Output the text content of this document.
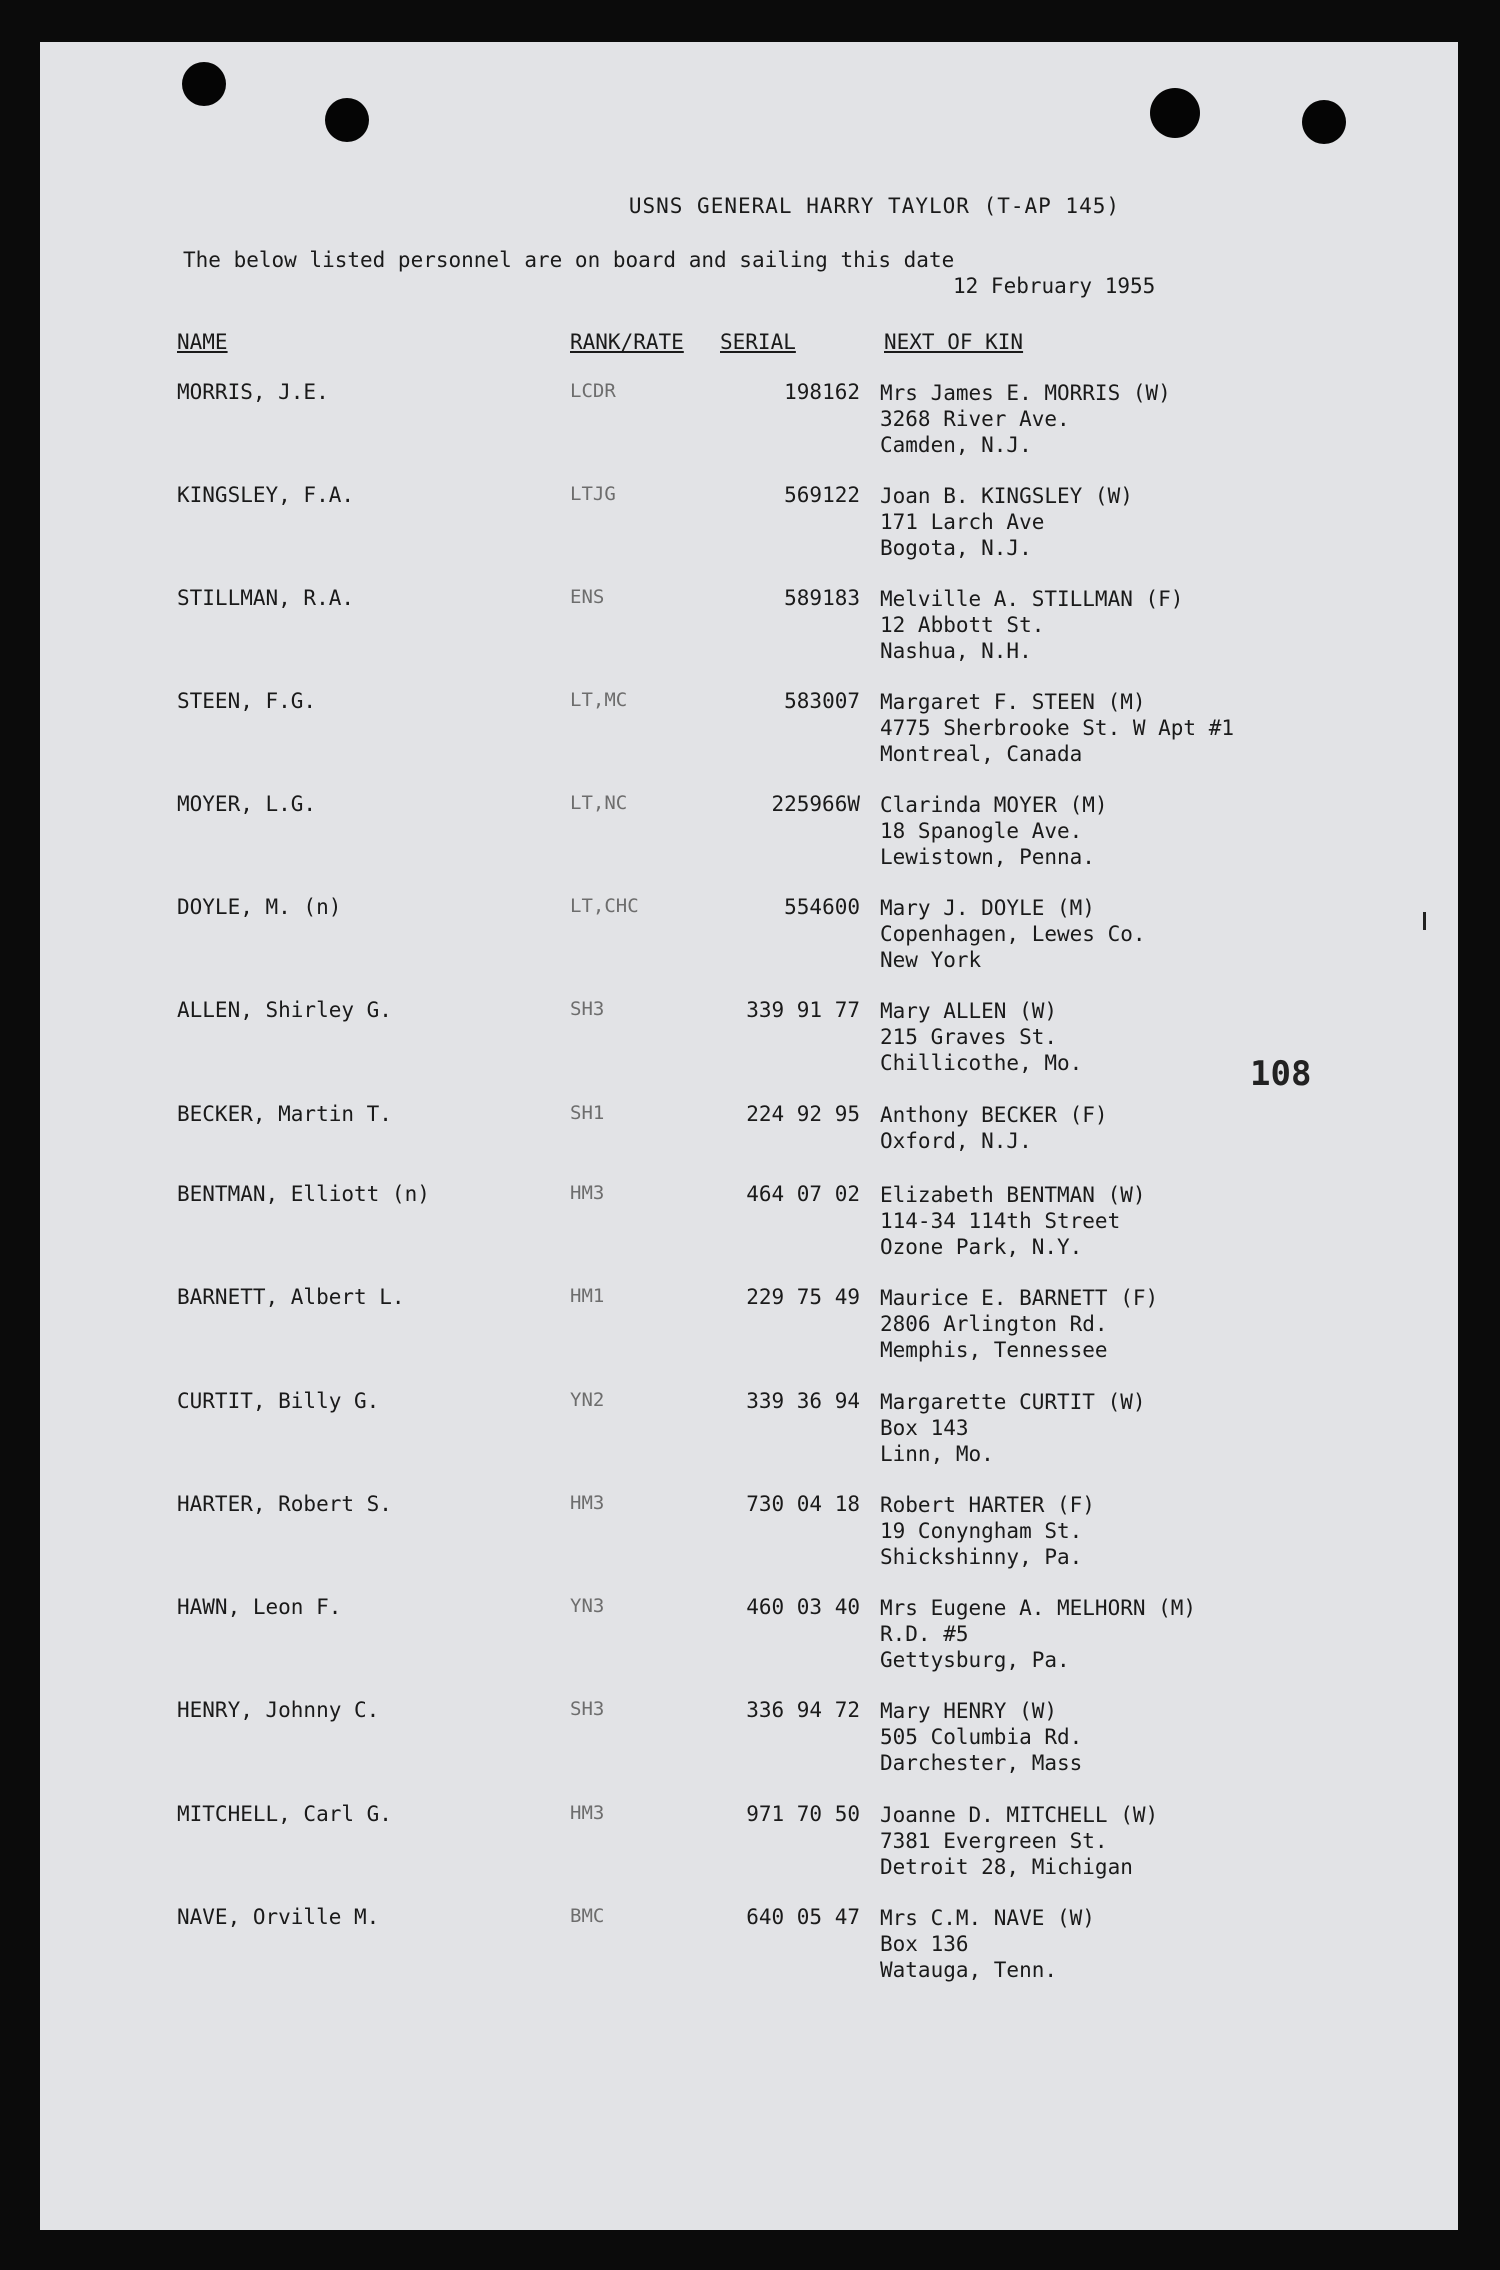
USNS GENERAL HARRY TAYLOR (T-AP 145)
The below listed personnel are on board and sailing this date
12 February 1955
NAME	RANK/RATE SERIAL	NEXT OF KIN
MORRIS, J.E.	LCDR	198162 Mrs James E. MORRIS (W)
3268 River Ave.
Camden, N.J.
KINGSLEY, F.A.	LTJG	569122 Joan B. KINGSLEY (W)
171 Larch Ave
Bogota, N.J.
STILLMAN, R.A.	ENS	589183 Melville A. STILLMAN (F)
12 Abbott St.
Nashua, N.H.
STEEN, F.G.	LT,MC	583007 Margaret F. STEEN (M)
4775 Sherbrooke St. W Apt #1
Montreal, Canada
MOYER, L.G.	LT,NC	225966W Clarinda MOYER (M)
18 Spanogle Ave.
Lewistown, Penna.
DOYLE, M. (n)	LT,CHC	554600 Mary J. DOYLE (M)
Copenhagen, Lewes Co.
New York
ALLEN, Shirley G.	SH3	339 91 77 Mary ALLEN (W)
215 Graves St.
Chillicothe, Mo.
BECKER, Martin T.	SH1	224 92 95 Anthony BECKER (F)
Oxford, N.J.
BENTMAN, Elliott (n)	HM3	464 07 02 Elizabeth BENTMAN (W)
114-34 114th Street
Ozone Park, N.Y.
BARNETT, Albert L.	HM1	229 75 49 Maurice E. BARNETT (F)
2806 Arlington Rd.
Memphis, Tennessee
CURTIT, Billy G.	YN2	339 36 94 Margarette CURTIT (W)
Box 143
Linn, Mo.
HARTER, Robert S.	HM3	730 04 18 Robert HARTER (F)
19 Conyngham St.
Shickshinny, Pa.
HAWN, Leon F.	YN3	460 03 40 Mrs Eugene A. MELHORN (M)
R.D. #5
Gettysburg, Pa.
HENRY, Johnny C.	SH3	336 94 72 Mary HENRY (W)
505 Columbia Rd.
Darchester, Mass
MITCHELL, Carl G.	HM3	971 70 50 Joanne D. MITCHELL (W)
7381 Evergreen St.
Detroit 28, Michigan
NAVE, Orville M.	BMC	640 05 47 Mrs C.M. NAVE (W)
Box 136
Watauga, Tenn.
108
